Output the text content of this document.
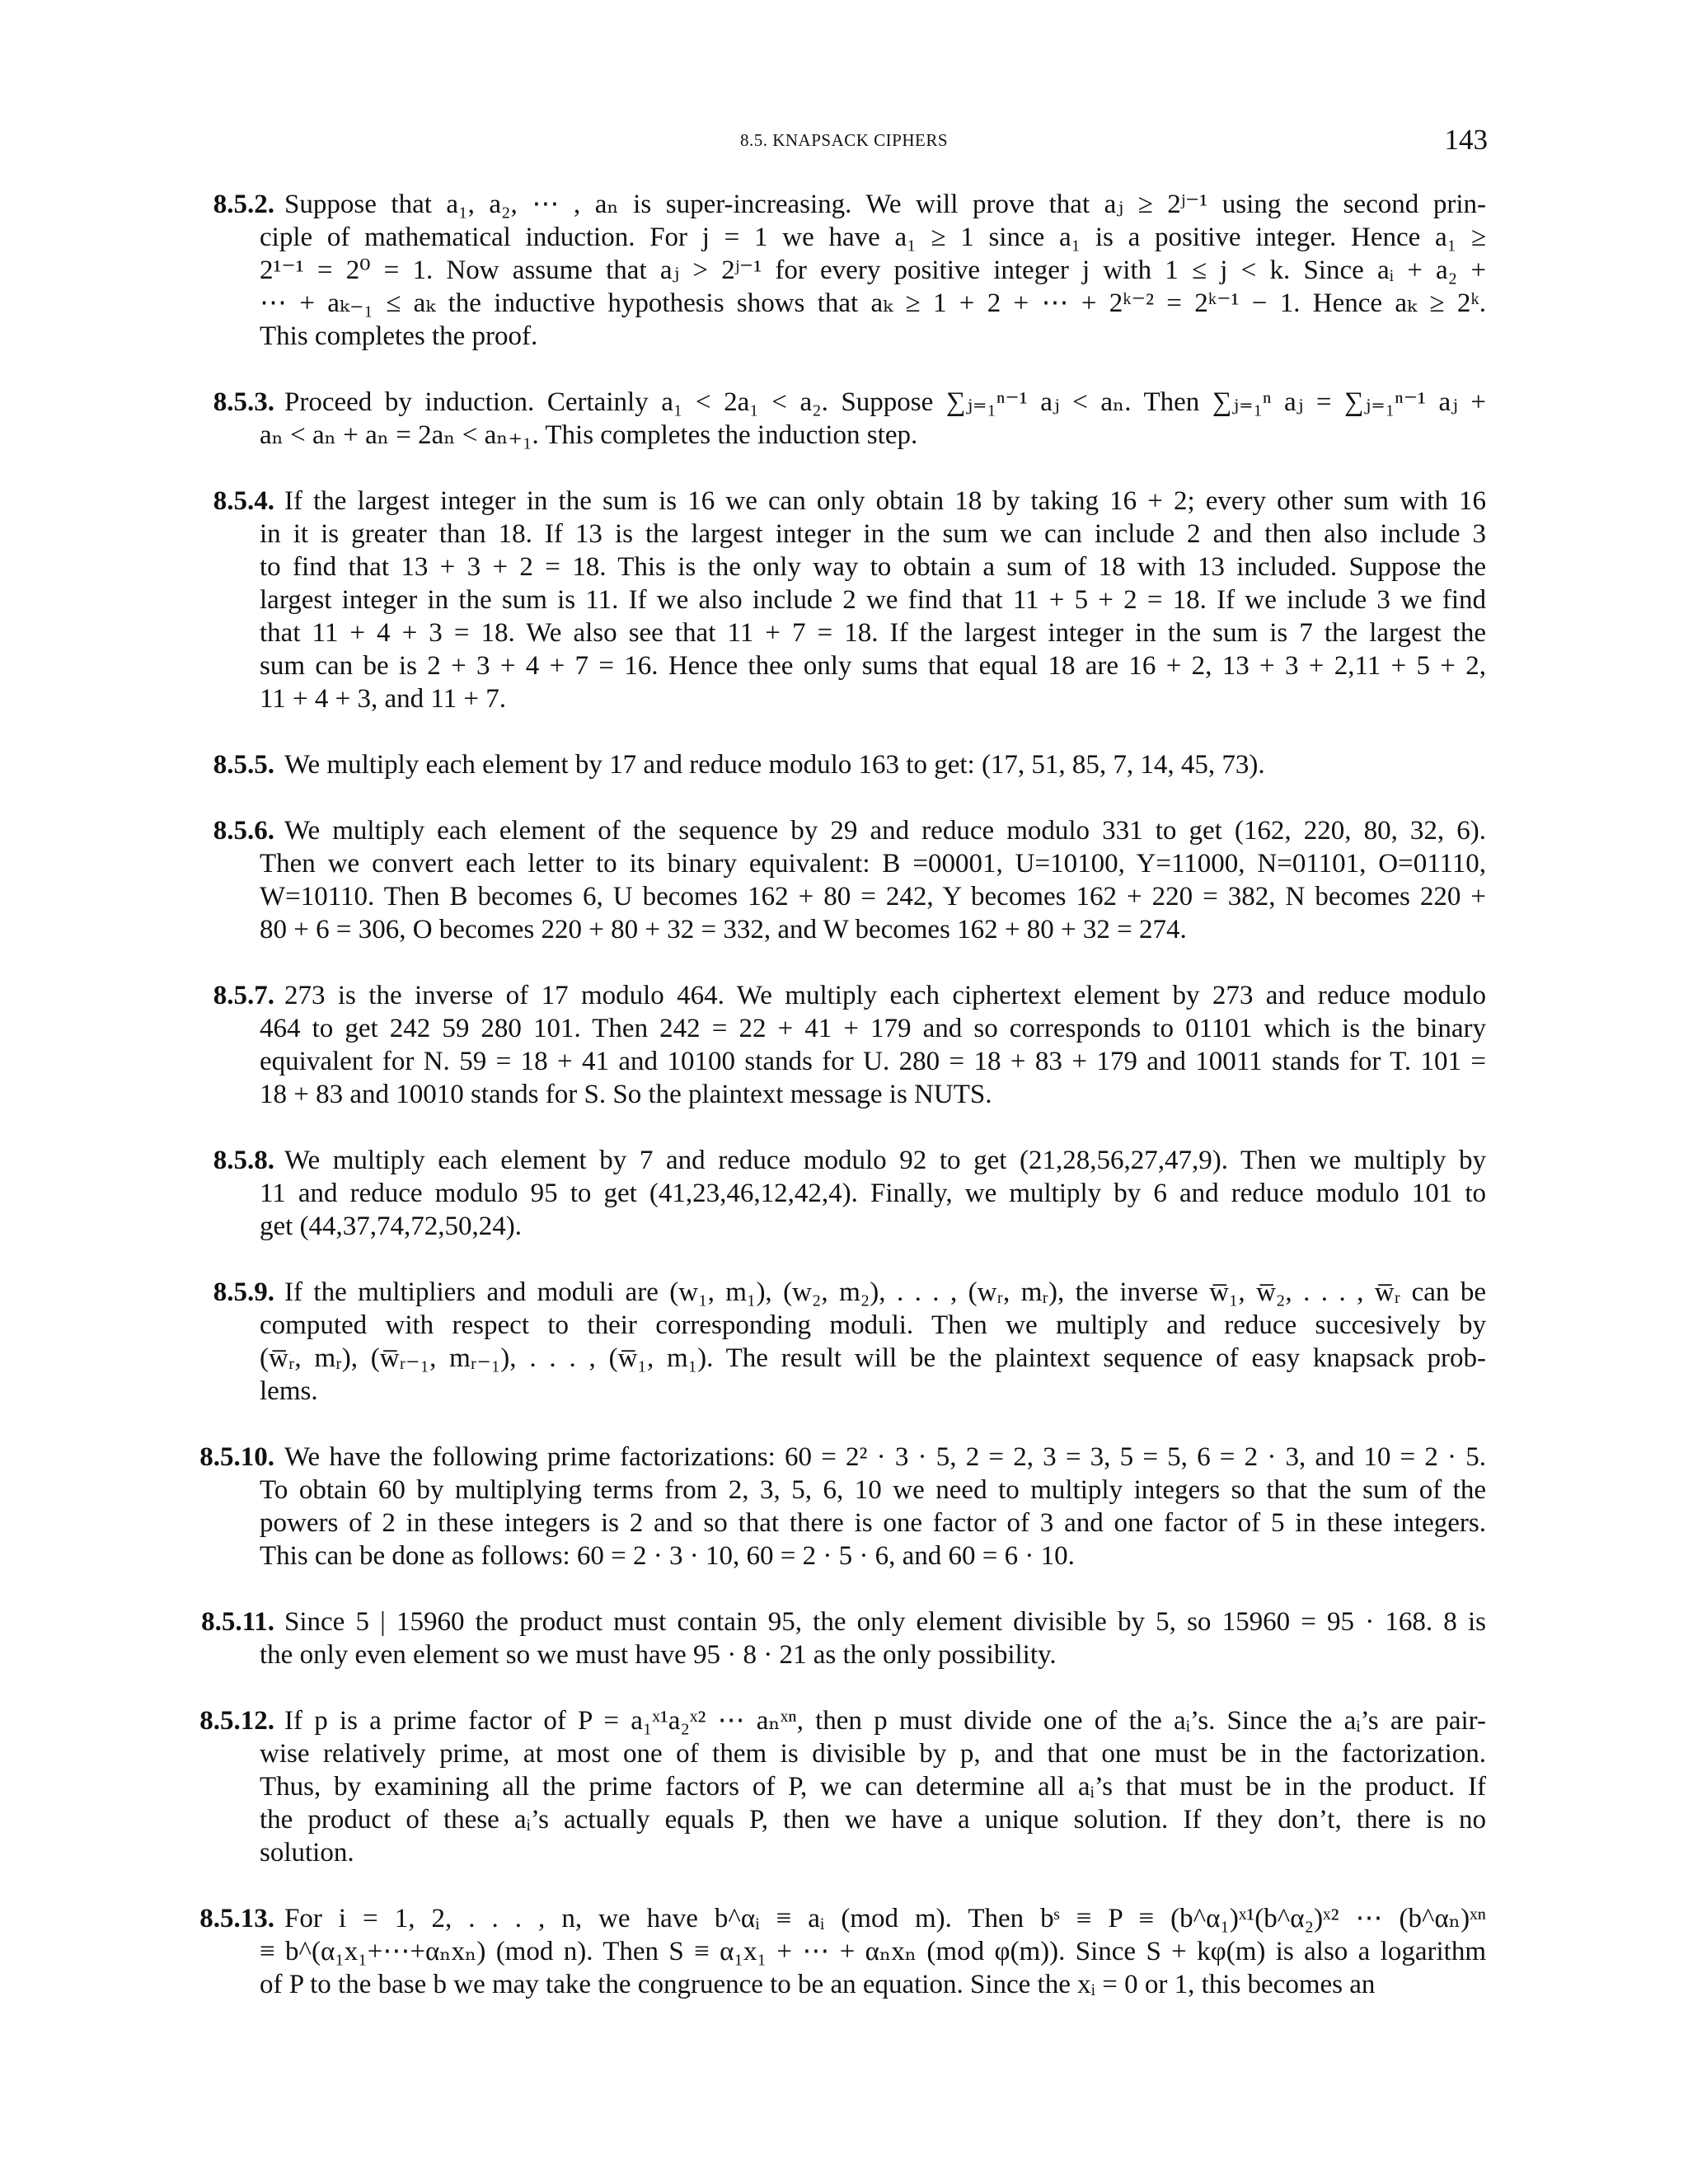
8.5. KNAPSACK CIPHERS	143
8.5.2. Suppose that a₁, a₂, ⋯ , aₙ is super-increasing. We will prove that aⱼ ≥ 2ʲ⁻¹ using the second prin-
ciple of mathematical induction. For j = 1 we have a₁ ≥ 1 since a₁ is a positive integer. Hence a₁ ≥
2¹⁻¹ = 2⁰ = 1. Now assume that aⱼ > 2ʲ⁻¹ for every positive integer j with 1 ≤ j < k. Since aᵢ + a₂ +
⋯ + aₖ₋₁ ≤ aₖ the inductive hypothesis shows that aₖ ≥ 1 + 2 + ⋯ + 2ᵏ⁻² = 2ᵏ⁻¹ − 1. Hence aₖ ≥ 2ᵏ.
This completes the proof.
8.5.3. Proceed by induction. Certainly a₁ < 2a₁ < a₂. Suppose ∑ⱼ₌₁ⁿ⁻¹ aⱼ < aₙ. Then ∑ⱼ₌₁ⁿ aⱼ = ∑ⱼ₌₁ⁿ⁻¹ aⱼ +
aₙ < aₙ + aₙ = 2aₙ < aₙ₊₁. This completes the induction step.
8.5.4. If the largest integer in the sum is 16 we can only obtain 18 by taking 16 + 2; every other sum with 16
in it is greater than 18. If 13 is the largest integer in the sum we can include 2 and then also include 3
to find that 13 + 3 + 2 = 18. This is the only way to obtain a sum of 18 with 13 included. Suppose the
largest integer in the sum is 11. If we also include 2 we find that 11 + 5 + 2 = 18. If we include 3 we find
that 11 + 4 + 3 = 18. We also see that 11 + 7 = 18. If the largest integer in the sum is 7 the largest the
sum can be is 2 + 3 + 4 + 7 = 16. Hence thee only sums that equal 18 are 16 + 2, 13 + 3 + 2,11 + 5 + 2,
11 + 4 + 3, and 11 + 7.
8.5.5. We multiply each element by 17 and reduce modulo 163 to get: (17, 51, 85, 7, 14, 45, 73).
8.5.6. We multiply each element of the sequence by 29 and reduce modulo 331 to get (162, 220, 80, 32, 6).
Then we convert each letter to its binary equivalent: B =00001, U=10100, Y=11000, N=01101, O=01110,
W=10110. Then B becomes 6, U becomes 162 + 80 = 242, Y becomes 162 + 220 = 382, N becomes 220 +
80 + 6 = 306, O becomes 220 + 80 + 32 = 332, and W becomes 162 + 80 + 32 = 274.
8.5.7. 273 is the inverse of 17 modulo 464. We multiply each ciphertext element by 273 and reduce modulo
464 to get 242 59 280 101. Then 242 = 22 + 41 + 179 and so corresponds to 01101 which is the binary
equivalent for N. 59 = 18 + 41 and 10100 stands for U. 280 = 18 + 83 + 179 and 10011 stands for T. 101 =
18 + 83 and 10010 stands for S. So the plaintext message is NUTS.
8.5.8. We multiply each element by 7 and reduce modulo 92 to get (21,28,56,27,47,9). Then we multiply by
11 and reduce modulo 95 to get (41,23,46,12,42,4). Finally, we multiply by 6 and reduce modulo 101 to
get (44,37,74,72,50,24).
8.5.9. If the multipliers and moduli are (w₁, m₁), (w₂, m₂), . . . , (wᵣ, mᵣ), the inverse w̅₁, w̅₂, . . . , w̅ᵣ can be
computed with respect to their corresponding moduli. Then we multiply and reduce succesively by
(w̅ᵣ, mᵣ), (w̅ᵣ₋₁, mᵣ₋₁), . . . , (w̅₁, m₁). The result will be the plaintext sequence of easy knapsack prob-
lems.
8.5.10. We have the following prime factorizations: 60 = 2² · 3 · 5, 2 = 2, 3 = 3, 5 = 5, 6 = 2 · 3, and 10 = 2 · 5.
To obtain 60 by multiplying terms from 2, 3, 5, 6, 10 we need to multiply integers so that the sum of the
powers of 2 in these integers is 2 and so that there is one factor of 3 and one factor of 5 in these integers.
This can be done as follows: 60 = 2 · 3 · 10, 60 = 2 · 5 · 6, and 60 = 6 · 10.
8.5.11. Since 5 | 15960 the product must contain 95, the only element divisible by 5, so 15960 = 95 · 168. 8 is
the only even element so we must have 95 · 8 · 21 as the only possibility.
8.5.12. If p is a prime factor of P = a₁ˣ¹a₂ˣ² ⋯ aₙˣⁿ, then p must divide one of the aᵢ’s. Since the aᵢ’s are pair-
wise relatively prime, at most one of them is divisible by p, and that one must be in the factorization.
Thus, by examining all the prime factors of P, we can determine all aᵢ’s that must be in the product. If
the product of these aᵢ’s actually equals P, then we have a unique solution. If they don’t, there is no
solution.
8.5.13. For i = 1, 2, . . . , n, we have b^αᵢ ≡ aᵢ (mod m). Then bˢ ≡ P ≡ (b^α₁)ˣ¹(b^α₂)ˣ² ⋯ (b^αₙ)ˣⁿ
≡ b^(α₁x₁+⋯+αₙxₙ) (mod n). Then S ≡ α₁x₁ + ⋯ + αₙxₙ (mod φ(m)). Since S + kφ(m) is also a logarithm
of P to the base b we may take the congruence to be an equation. Since the xᵢ = 0 or 1, this becomes an
